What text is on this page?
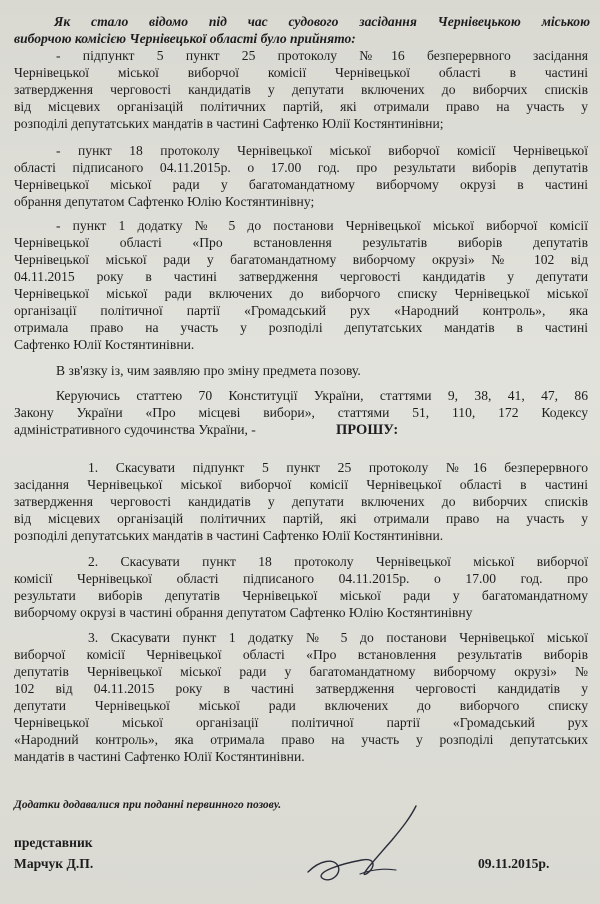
Як стало відомо під час судового засідання Чернівецькою міською
виборчою комісією Чернівецької області було прийнято:
- підпункт 5 пункт 25 протоколу №16 безперервного засідання
Чернівецької міської виборчої комісії Чернівецької області в частині
затвердження черговості кандидатів у депутати включених до виборчих списків
від місцевих організацій політичних партій, які отримали право на участь у
розподілі депутатських мандатів в частині Сафтенко Юлії Костянтинівни;
- пункт 18 протоколу Чернівецької міської виборчої комісії Чернівецької
області підписаного 04.11.2015р. о 17.00 год. про результати виборів депутатів
Чернівецької міської ради у багатомандатному виборчому окрузі в частині
обрання депутатом Сафтенко Юлію Костянтинівну;
- пункт 1 додатку № 5 до постанови Чернівецької міської виборчої комісії
Чернівецької області «Про встановлення результатів виборів депутатів
Чернівецької міської ради у багатомандатному виборчому окрузі» № 102 від
04.11.2015 року в частині затвердження черговості кандидатів у депутати
Чернівецької міської ради включених до виборчого списку Чернівецької міської
організації політичної партії «Громадський рух «Народний контроль», яка
отримала право на участь у розподілі депутатських мандатів в частині
Сафтенко Юлії Костянтинівни.
В зв'язку із, чим заявляю про зміну предмета позову.
Керуючись статтею 70 Конституції України, статтями 9, 38, 41, 47, 86
Закону України «Про місцеві вибори», статтями 51, 110, 172 Кодексу
адміністративного судочинства України, -	ПРОШУ:
1. Скасувати підпункт 5 пункт 25 протоколу №16 безперервного
засідання Чернівецької міської виборчої комісії Чернівецької області в частині
затвердження черговості кандидатів у депутати включених до виборчих списків
від місцевих організацій політичних партій, які отримали право на участь у
розподілі депутатських мандатів в частині Сафтенко Юлії Костянтинівни.
2. Скасувати пункт 18 протоколу Чернівецької міської виборчої
комісії Чернівецької області підписаного 04.11.2015р. о 17.00 год. про
результати виборів депутатів Чернівецької міської ради у багатомандатному
виборчому окрузі в частині обрання депутатом Сафтенко Юлію Костянтинівну
3. Скасувати пункт 1 додатку № 5 до постанови Чернівецької міської
виборчої комісії Чернівецької області «Про встановлення результатів виборів
депутатів Чернівецької міської ради у багатомандатному виборчому окрузі» №
102 від 04.11.2015 року в частині затвердження черговості кандидатів у
депутати Чернівецької міської ради включених до виборчого списку
Чернівецької міської організації політичної партії «Громадський рух
«Народний контроль», яка отримала право на участь у розподілі депутатських
мандатів в частині Сафтенко Юлії Костянтинівни.
Додатки додавалися при поданні первинного позову.
представник
Марчук Д.П.	09.11.2015р.
